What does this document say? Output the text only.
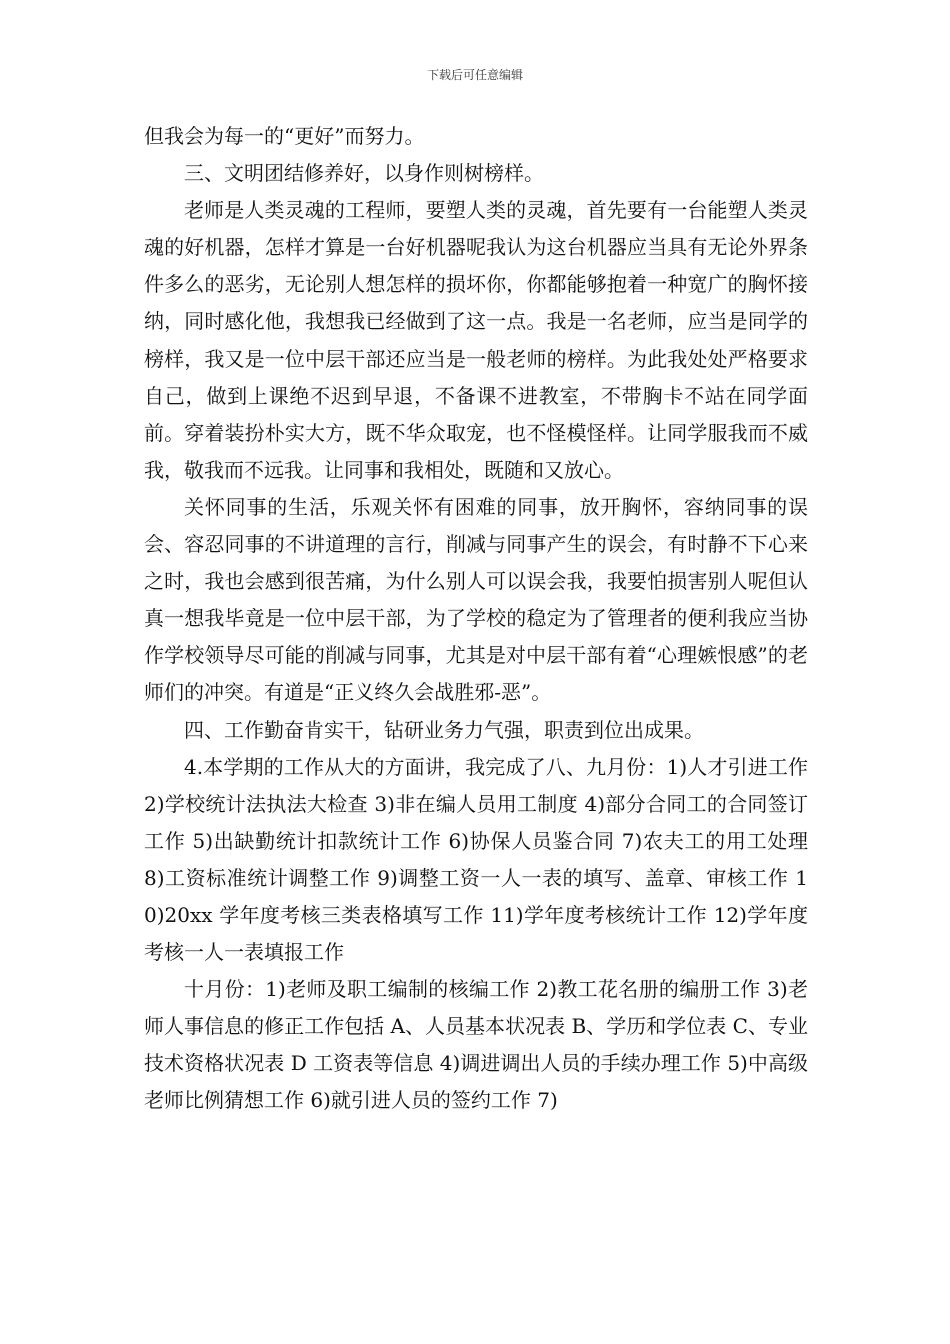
下载后可任意编辑

但我会为每一的“更好”而努力。

三、文明团结修养好，以身作则树榜样。

老师是人类灵魂的工程师，要塑人类的灵魂，首先要有一台能塑人类灵魂的好机器，怎样才算是一台好机器呢我认为这台机器应当具有无论外界条件多么的恶劣，无论别人想怎样的损坏你，你都能够抱着一种宽广的胸怀接纳，同时感化他，我想我已经做到了这一点。我是一名老师，应当是同学的榜样，我又是一位中层干部还应当是一般老师的榜样。为此我处处严格要求自己，做到上课绝不迟到早退，不备课不进教室，不带胸卡不站在同学面前。穿着装扮朴实大方，既不华众取宠，也不怪模怪样。让同学服我而不威我，敬我而不远我。让同事和我相处，既随和又放心。

关怀同事的生活，乐观关怀有困难的同事，放开胸怀，容纳同事的误会、容忍同事的不讲道理的言行，削减与同事产生的误会，有时静不下心来之时，我也会感到很苦痛，为什么别人可以误会我，我要怕损害别人呢但认真一想我毕竟是一位中层干部，为了学校的稳定为了管理者的便利我应当协作学校领导尽可能的削减与同事，尤其是对中层干部有着“心理嫉恨感”的老师们的冲突。有道是“正义终久会战胜邪-恶”。

四、工作勤奋肯实干，钻研业务力气强，职责到位出成果。

4.本学期的工作从大的方面讲，我完成了八、九月份：1)人才引进工作 2)学校统计法执法大检查 3)非在编人员用工制度 4)部分合同工的合同签订工作 5)出缺勤统计扣款统计工作 6)协保人员鉴合同 7)农夫工的用工处理 8)工资标准统计调整工作 9)调整工资一人一表的填写、盖章、审核工作 10)20xx 学年度考核三类表格填写工作 11)学年度考核统计工作 12)学年度考核一人一表填报工作

十月份：1)老师及职工编制的核编工作 2)教工花名册的编册工作 3)老师人事信息的修正工作包括 A、人员基本状况表 B、学历和学位表 C、专业技术资格状况表 D 工资表等信息 4)调进调出人员的手续办理工作 5)中高级老师比例猜想工作 6)就引进人员的签约工作 7)
